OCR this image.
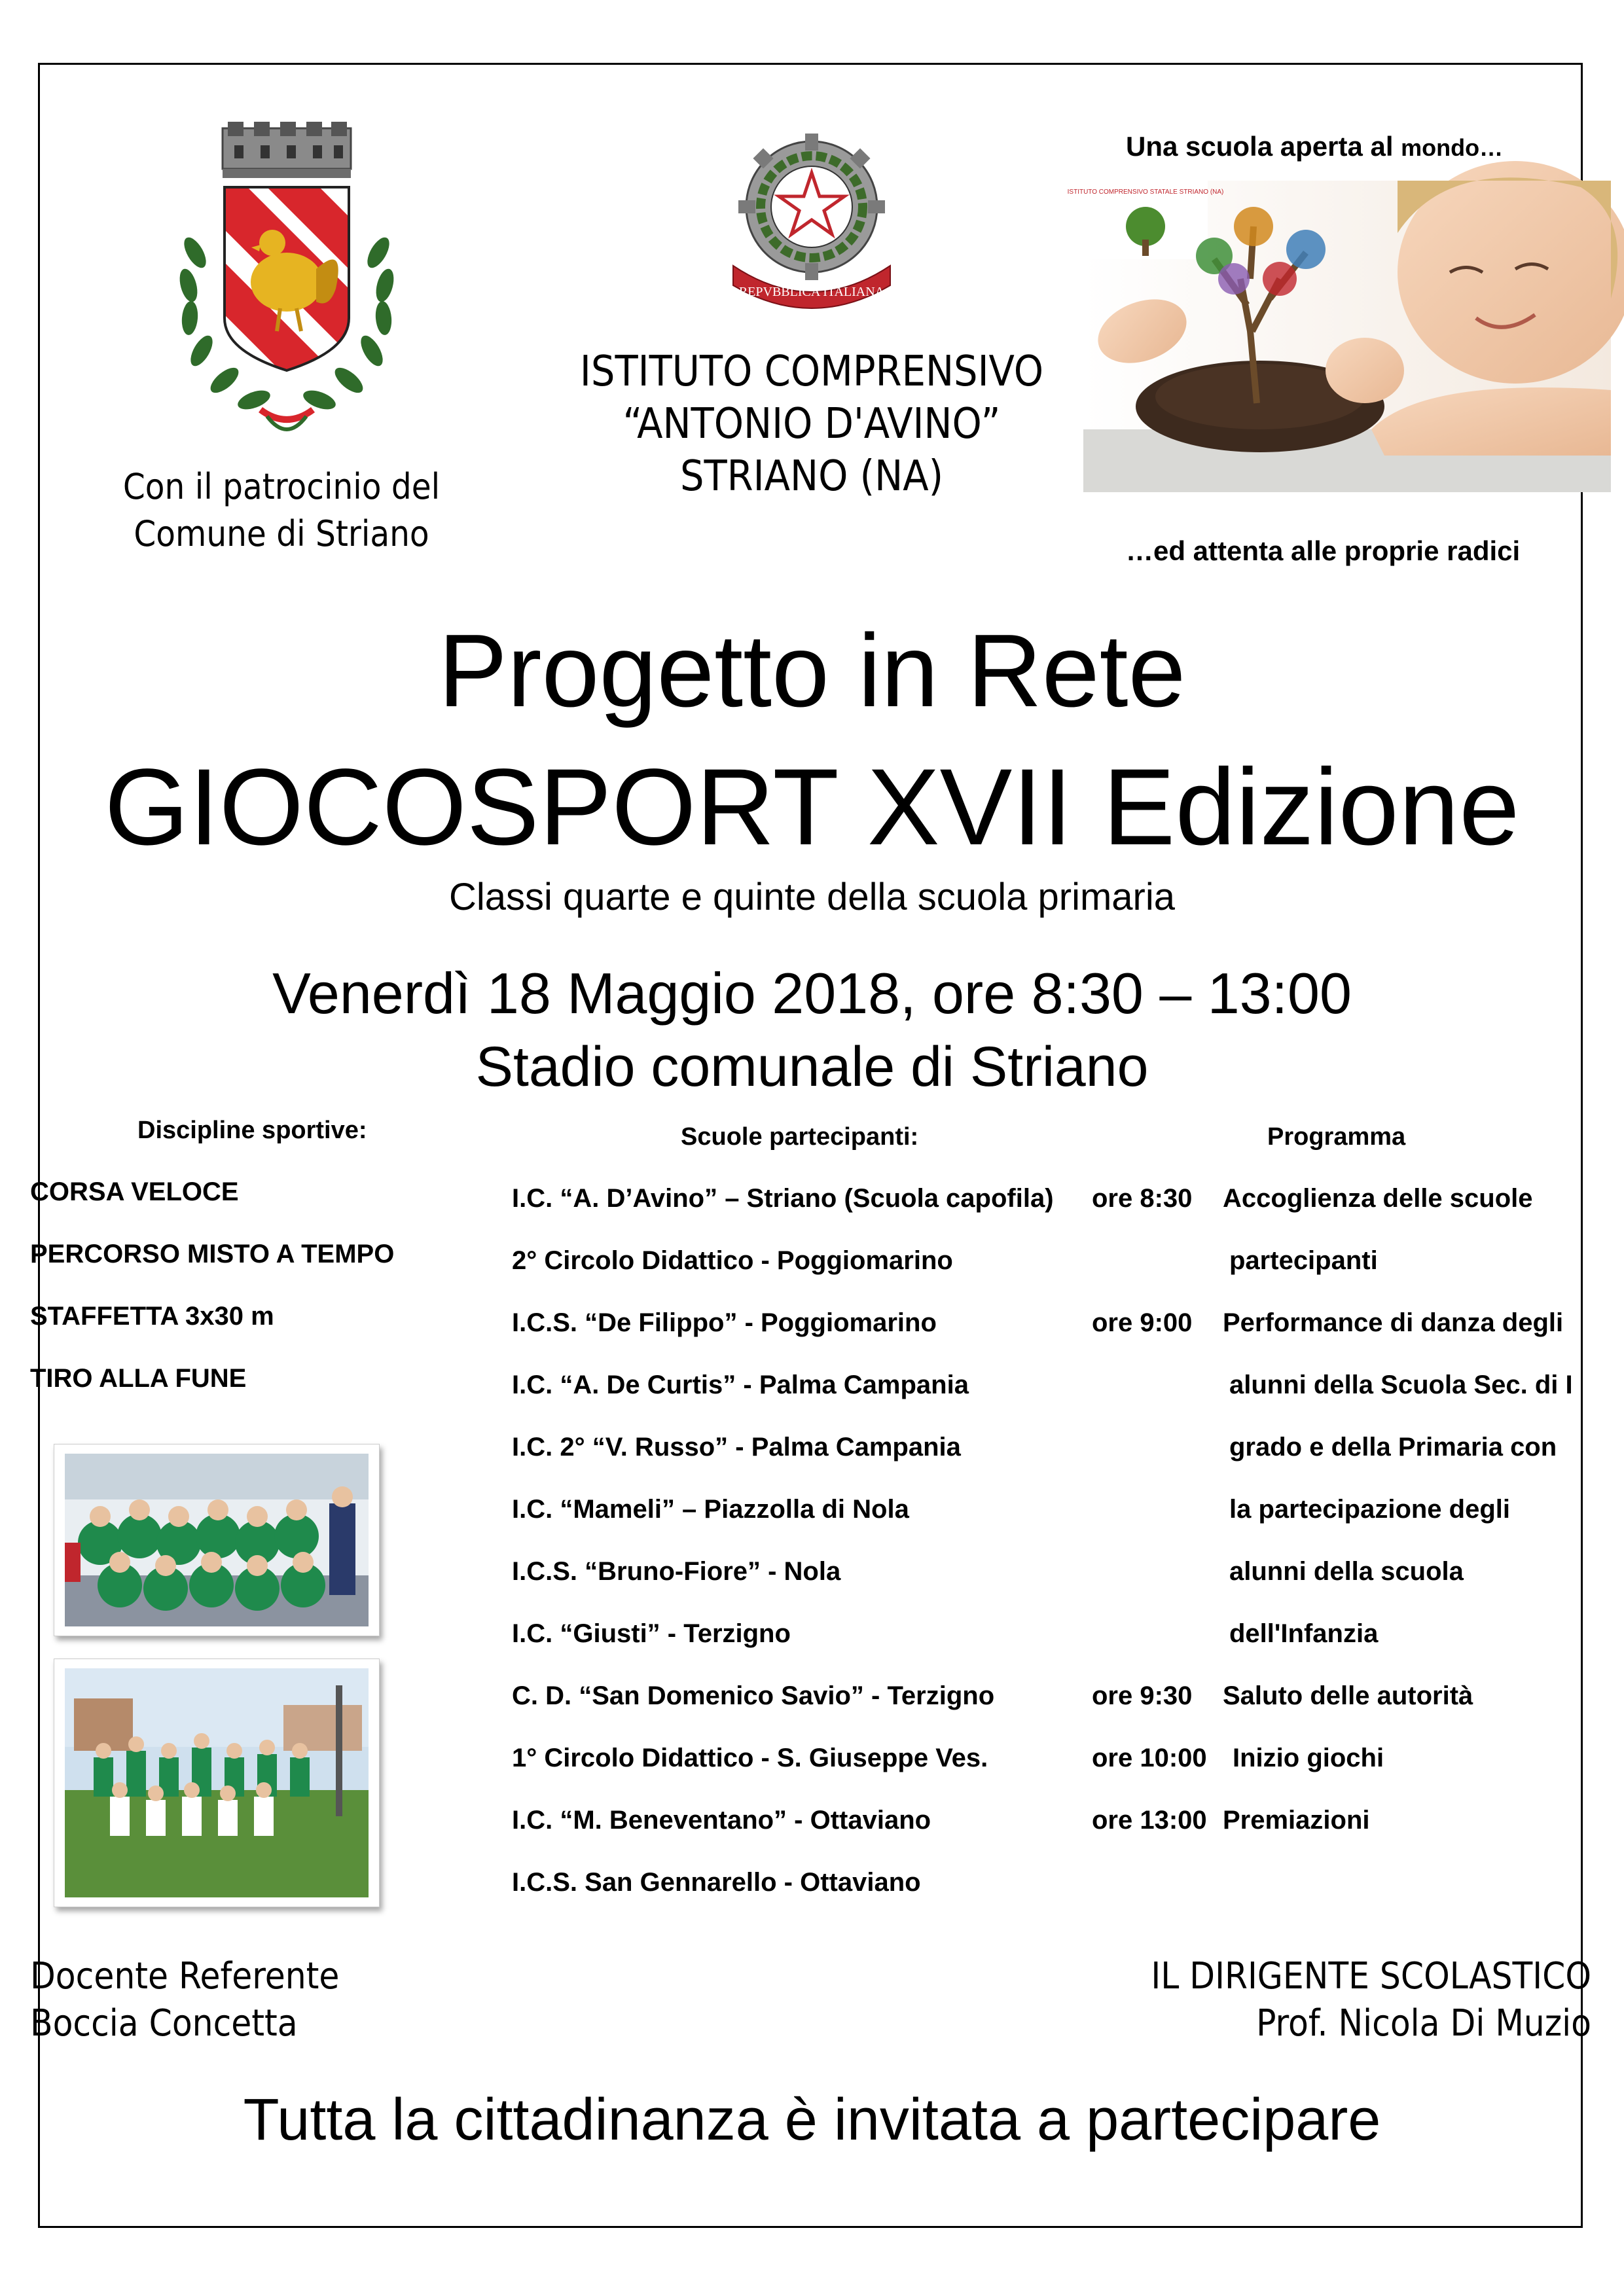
Con il patrocinio del
Comune di Striano
REPVBBLICA ITALIANA
ISTITUTO COMPRENSIVO
“ANTONIO D'AVINO”
STRIANO (NA)
Una scuola aperta al mondo…
ISTITUTO COMPRENSIVO STATALE STRIANO (NA)
…ed attenta alle proprie radici
Progetto in Rete
GIOCOSPORT XVII Edizione
Classi quarte e quinte della scuola primaria
Venerdì 18 Maggio 2018, ore 8:30 – 13:00
Stadio comunale di Striano
Discipline sportive:
CORSA VELOCE
PERCORSO MISTO A TEMPO
STAFFETTA 3x30 m
TIRO ALLA FUNE
Scuole partecipanti:
I.C. “A. D’Avino” – Striano (Scuola capofila)
2° Circolo Didattico - Poggiomarino
I.C.S. “De Filippo” - Poggiomarino
I.C. “A. De Curtis” - Palma Campania
I.C. 2° “V. Russo” - Palma Campania
I.C. “Mameli” – Piazzolla di Nola
I.C.S. “Bruno-Fiore” - Nola
I.C. “Giusti” - Terzigno
C. D. “San Domenico Savio” - Terzigno
1° Circolo Didattico - S. Giuseppe Ves.
I.C. “M. Beneventano” - Ottaviano
I.C.S. San Gennarello - Ottaviano
Programma
ore 8:30 Accoglienza delle scuole
partecipanti
ore 9:00 Performance di danza degli
alunni della Scuola Sec. di I
grado e della Primaria con
la partecipazione degli
alunni della scuola
dell'Infanzia
ore 9:30 Saluto delle autorità
ore 10:00 Inizio giochi
ore 13:00 Premiazioni
Docente Referente
Boccia Concetta
IL DIRIGENTE SCOLASTICO
Prof. Nicola Di Muzio
Tutta la cittadinanza è invitata a partecipare
